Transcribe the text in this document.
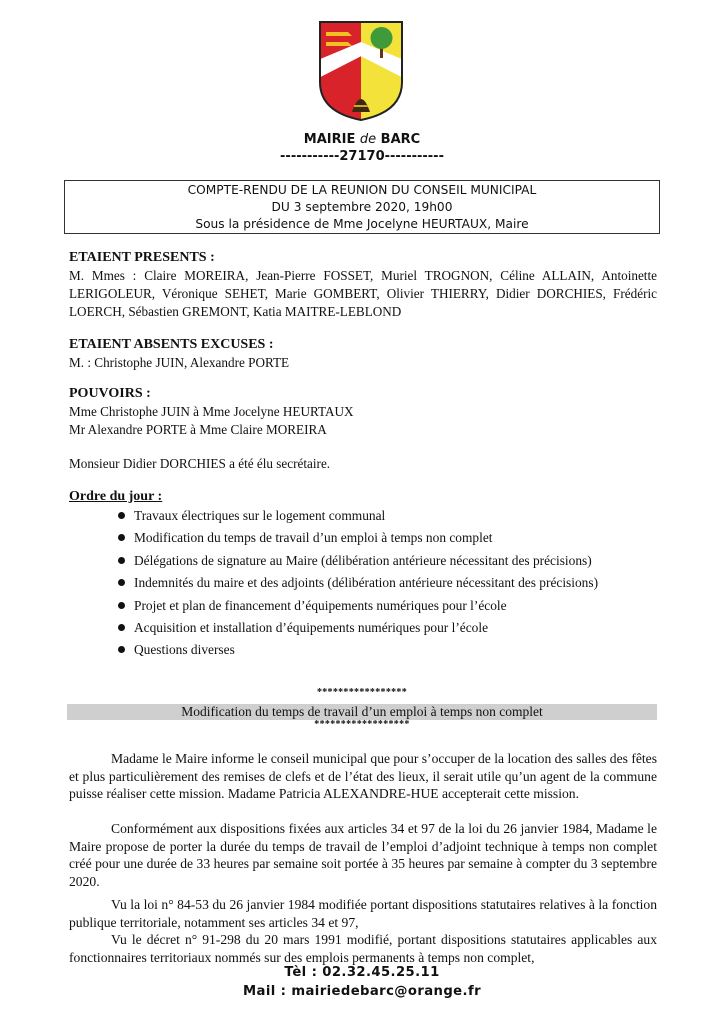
MAIRIE de BARC
-----------27170-----------
COMPTE-RENDU DE LA REUNION DU CONSEIL MUNICIPAL
DU 3 septembre 2020, 19h00
Sous la présidence de Mme Jocelyne HEURTAUX, Maire
ETAIENT PRESENTS :
M. Mmes : Claire MOREIRA, Jean-Pierre FOSSET, Muriel TROGNON, Céline ALLAIN, Antoinette LERIGOLEUR, Véronique SEHET, Marie GOMBERT, Olivier THIERRY, Didier DORCHIES, Frédéric LOERCH, Sébastien GREMONT, Katia MAITRE-LEBLOND
ETAIENT ABSENTS EXCUSES :
M. : Christophe JUIN, Alexandre PORTE
POUVOIRS :
Mme Christophe JUIN à Mme Jocelyne HEURTAUX
Mr Alexandre PORTE à Mme Claire MOREIRA
Monsieur Didier DORCHIES a été élu secrétaire.
Ordre du jour :
Travaux électriques sur le logement communal
Modification du temps de travail d’un emploi à temps non complet
Délégations de signature au Maire (délibération antérieure nécessitant des précisions)
Indemnités du maire et des adjoints (délibération antérieure nécessitant des précisions)
Projet et plan de financement d’équipements numériques pour l’école
Acquisition et installation d’équipements numériques pour l’école
Questions diverses
*****************
Modification du temps de travail d’un emploi à temps non complet
******************
Madame le Maire informe le conseil municipal que pour s’occuper de la location des salles des fêtes et plus particulièrement des remises de clefs et de l’état des lieux, il serait utile qu’un agent de la commune puisse réaliser cette mission. Madame Patricia ALEXANDRE-HUE accepterait cette mission.
Conformément aux dispositions fixées aux articles 34 et 97 de la loi du 26 janvier 1984, Madame le Maire propose de porter la durée du temps de travail de l’emploi d’adjoint technique à temps non complet créé pour une durée de 33 heures par semaine soit portée à 35 heures par semaine à compter du 3 septembre 2020.
Vu la loi n° 84-53 du 26 janvier 1984 modifiée portant dispositions statutaires relatives à la fonction publique territoriale, notamment ses articles 34 et 97,
Vu le décret n° 91-298 du 20 mars 1991 modifié, portant dispositions statutaires applicables aux fonctionnaires territoriaux nommés sur des emplois permanents à temps non complet,
Tèl : 02.32.45.25.11
Mail : mairiedebarc@orange.fr
